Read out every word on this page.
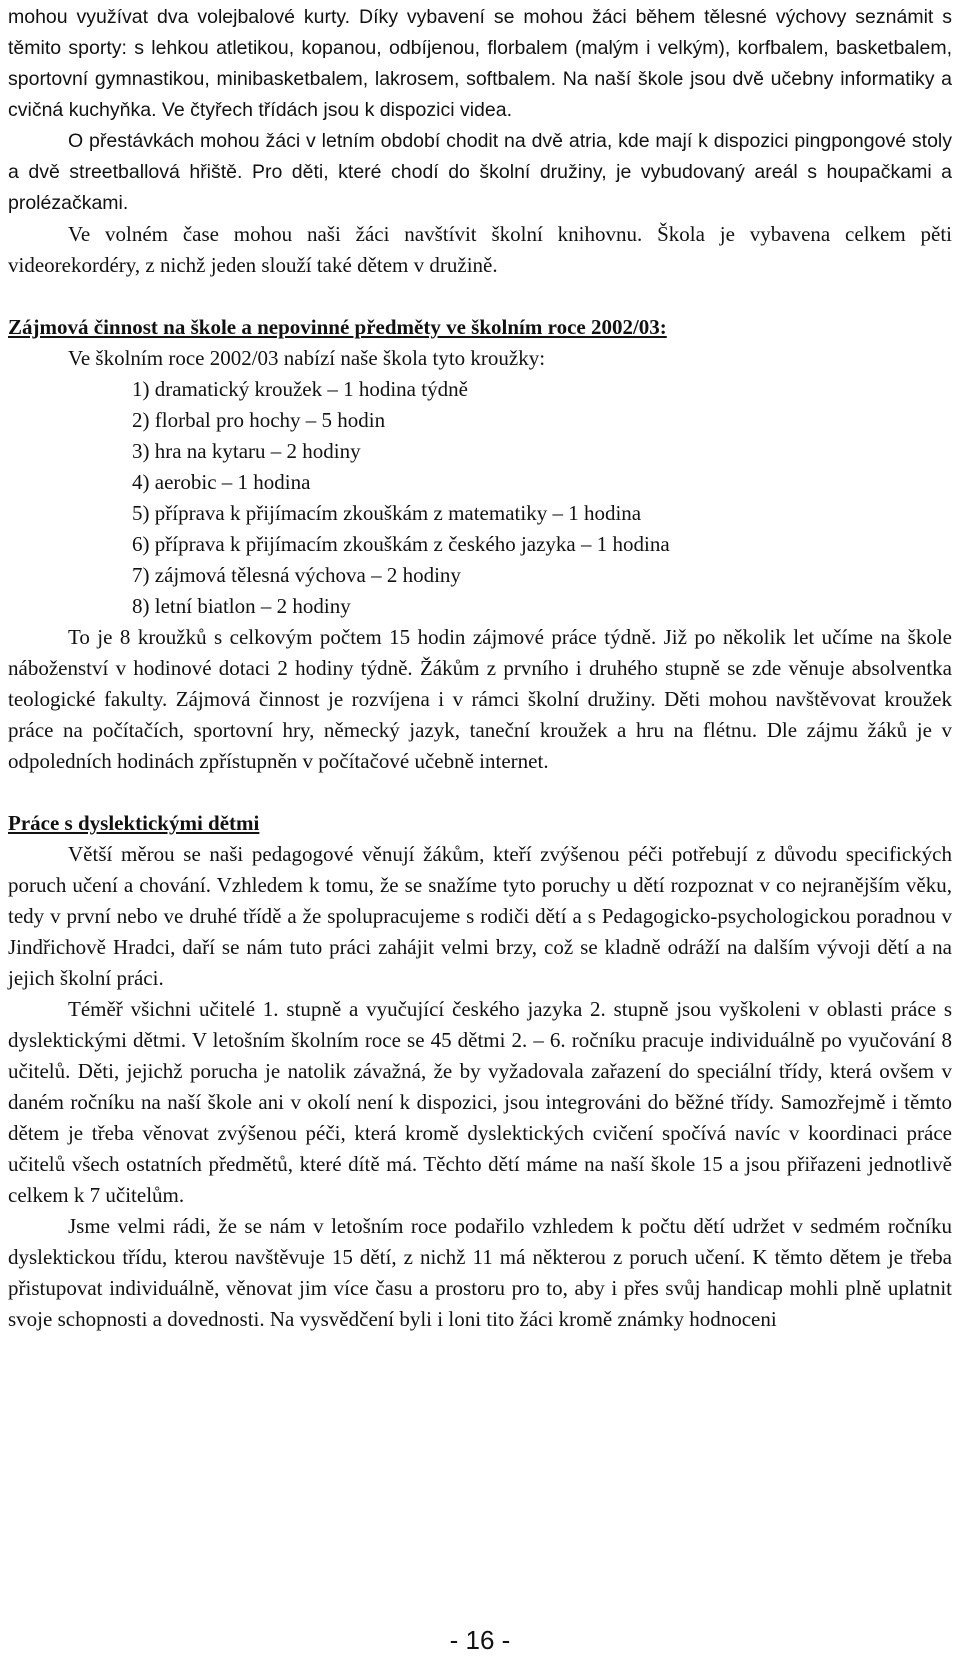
mohou využívat dva volejbalové kurty. Díky vybavení se mohou žáci během tělesné výchovy seznámit s těmito sporty: s lehkou atletikou, kopanou, odbíjenou, florbalem (malým i velkým), korfbalem, basketbalem, sportovní gymnastikou, minibasketbalem, lakrosem, softbalem. Na naší škole jsou dvě učebny informatiky a cvičná kuchyňka. Ve čtyřech třídách jsou k dispozici videa.

O přestávkách mohou žáci v letním období chodit na dvě atria, kde mají k dispozici pingpongové stoly a dvě streetballová hřiště. Pro děti, které chodí do školní družiny, je vybudovaný areál s houpačkami a prolézačkami.

Ve volném čase mohou naši žáci navštívit školní knihovnu. Škola je vybavena celkem pěti videorekordéry, z nichž jeden slouží také dětem v družině.

Zájmová činnost na škole a nepovinné předměty ve školním roce 2002/03:

Ve školním roce 2002/03 nabízí naše škola tyto kroužky:

1) dramatický kroužek – 1 hodina týdně
2) florbal pro hochy – 5 hodin
3) hra na kytaru – 2 hodiny
4) aerobic – 1 hodina
5) příprava k přijímacím zkouškám z matematiky – 1 hodina
6) příprava k přijímacím zkouškám z českého jazyka – 1 hodina
7) zájmová tělesná výchova – 2 hodiny
8) letní biatlon – 2 hodiny

To je 8 kroužků s celkovým počtem 15 hodin zájmové práce týdně. Již po několik let učíme na škole náboženství v hodinové dotaci 2 hodiny týdně. Žákům z prvního i druhého stupně se zde věnuje absolventka teologické fakulty. Zájmová činnost je rozvíjena i v rámci školní družiny. Děti mohou navštěvovat kroužek práce na počítačích, sportovní hry, německý jazyk, taneční kroužek a hru na flétnu. Dle zájmu žáků je v odpoledních hodinách zpřístupněn v počítačové učebně internet.

Práce s dyslektickými dětmi

Větší měrou se naši pedagogové věnují žákům, kteří zvýšenou péči potřebují z důvodu specifických poruch učení a chování. Vzhledem k tomu, že se snažíme tyto poruchy u dětí rozpoznat v co nejranějším věku, tedy v první nebo ve druhé třídě a že spolupracujeme s rodiči dětí a s Pedagogicko-psychologickou poradnou v Jindřichově Hradci, daří se nám tuto práci zahájit velmi brzy, což se kladně odráží na dalším vývoji dětí a na jejich školní práci.

Téměř všichni učitelé 1. stupně a vyučující českého jazyka 2. stupně jsou vyškoleni v oblasti práce s dyslektickými dětmi. V letošním školním roce se 45 dětmi 2. – 6. ročníku pracuje individuálně po vyučování 8 učitelů. Děti, jejichž porucha je natolik závažná, že by vyžadovala zařazení do speciální třídy, která ovšem v daném ročníku na naší škole ani v okolí není k dispozici, jsou integrováni do běžné třídy. Samozřejmě i těmto dětem je třeba věnovat zvýšenou péči, která kromě dyslektických cvičení spočívá navíc v koordinaci práce učitelů všech ostatních předmětů, které dítě má. Těchto dětí máme na naší škole 15 a jsou přiřazeni jednotlivě celkem k 7 učitelům.

Jsme velmi rádi, že se nám v letošním roce podařilo vzhledem k počtu dětí udržet v sedmém ročníku dyslektickou třídu, kterou navštěvuje 15 dětí, z nichž 11 má některou z poruch učení. K těmto dětem je třeba přistupovat individuálně, věnovat jim více času a prostoru pro to, aby i přes svůj handicap mohli plně uplatnit svoje schopnosti a dovednosti. Na vysvědčení byli i loni tito žáci kromě známky hodnoceni

- 16 -
